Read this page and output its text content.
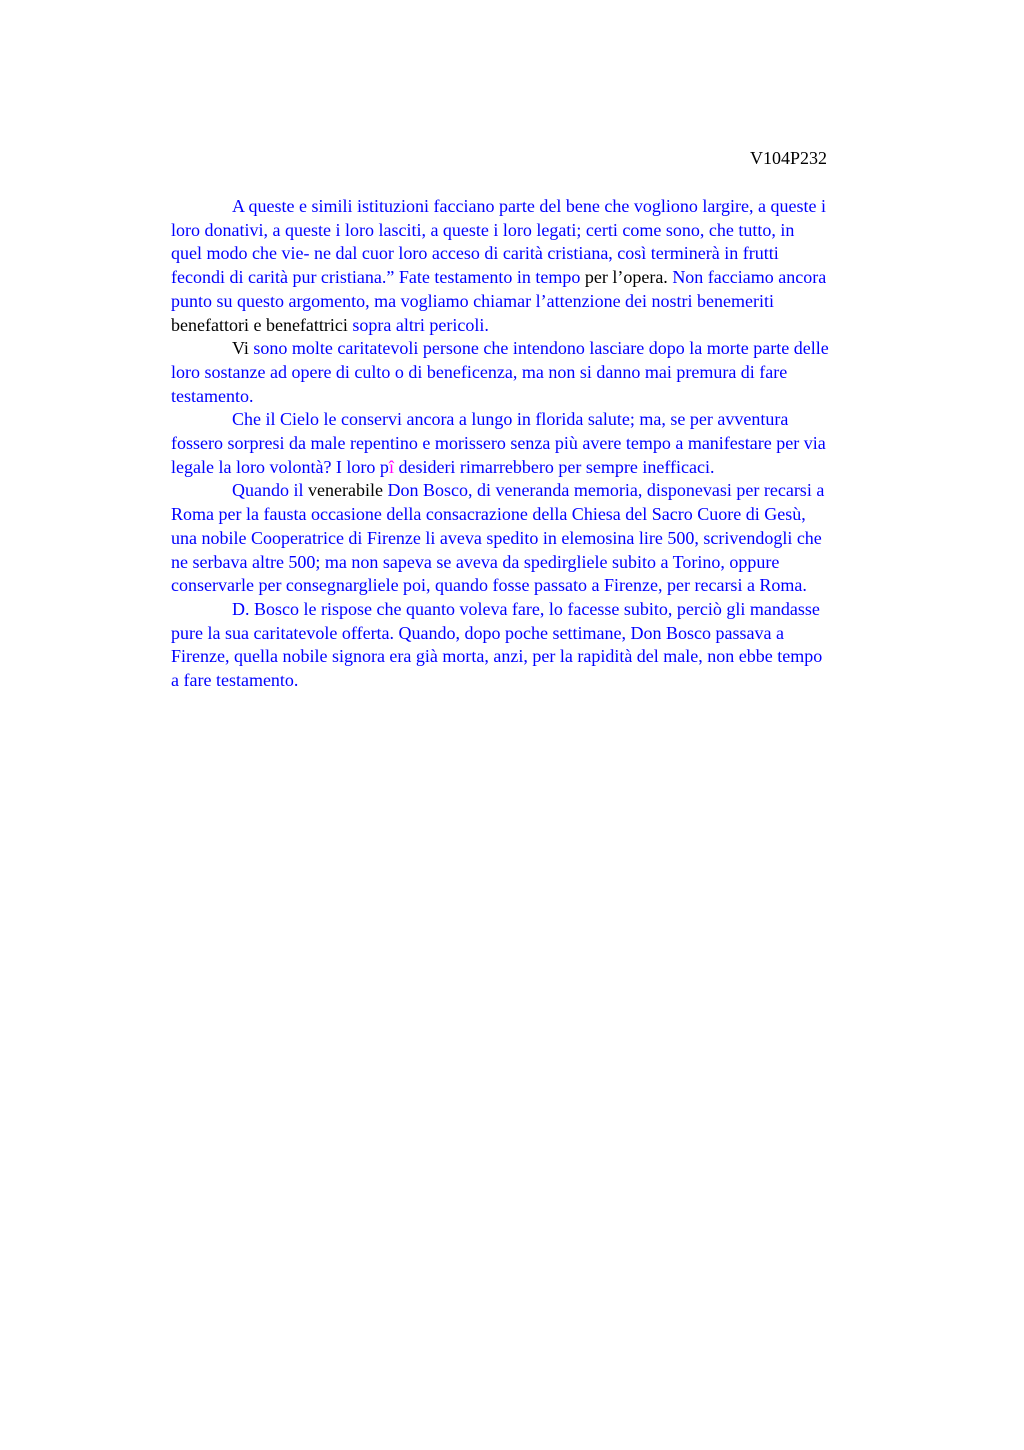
V104P232
A queste e simili istituzioni facciano parte del bene che vogliono largire, a queste i
loro donativi, a queste i loro lasciti, a queste i loro legati; certi come sono, che tutto, in
quel modo che vie- ne dal cuor loro acceso di carità cristiana, così terminerà in frutti
fecondi di carità pur cristiana.” Fate testamento in tempo per l’opera. Non facciamo ancora
punto su questo argomento, ma vogliamo chiamar l’attenzione dei nostri benemeriti
benefattori e benefattrici sopra altri pericoli.
Vi sono molte caritatevoli persone che intendono lasciare dopo la morte parte delle
loro sostanze ad opere di culto o di beneficenza, ma non si danno mai premura di fare
testamento.
Che il Cielo le conservi ancora a lungo in florida salute; ma, se per avventura
fossero sorpresi da male repentino e morissero senza più avere tempo a manifestare per via
legale la loro volontà? I loro pî desideri rimarrebbero per sempre inefficaci.
Quando il venerabile Don Bosco, di veneranda memoria, disponevasi per recarsi a
Roma per la fausta occasione della consacrazione della Chiesa del Sacro Cuore di Gesù,
una nobile Cooperatrice di Firenze li aveva spedito in elemosina lire 500, scrivendogli che
ne serbava altre 500; ma non sapeva se aveva da spedirgliele subito a Torino, oppure
conservarle per consegnargliele poi, quando fosse passato a Firenze, per recarsi a Roma.
D. Bosco le rispose che quanto voleva fare, lo facesse subito, perciò gli mandasse
pure la sua caritatevole offerta. Quando, dopo poche settimane, Don Bosco passava a
Firenze, quella nobile signora era già morta, anzi, per la rapidità del male, non ebbe tempo
a fare testamento.
